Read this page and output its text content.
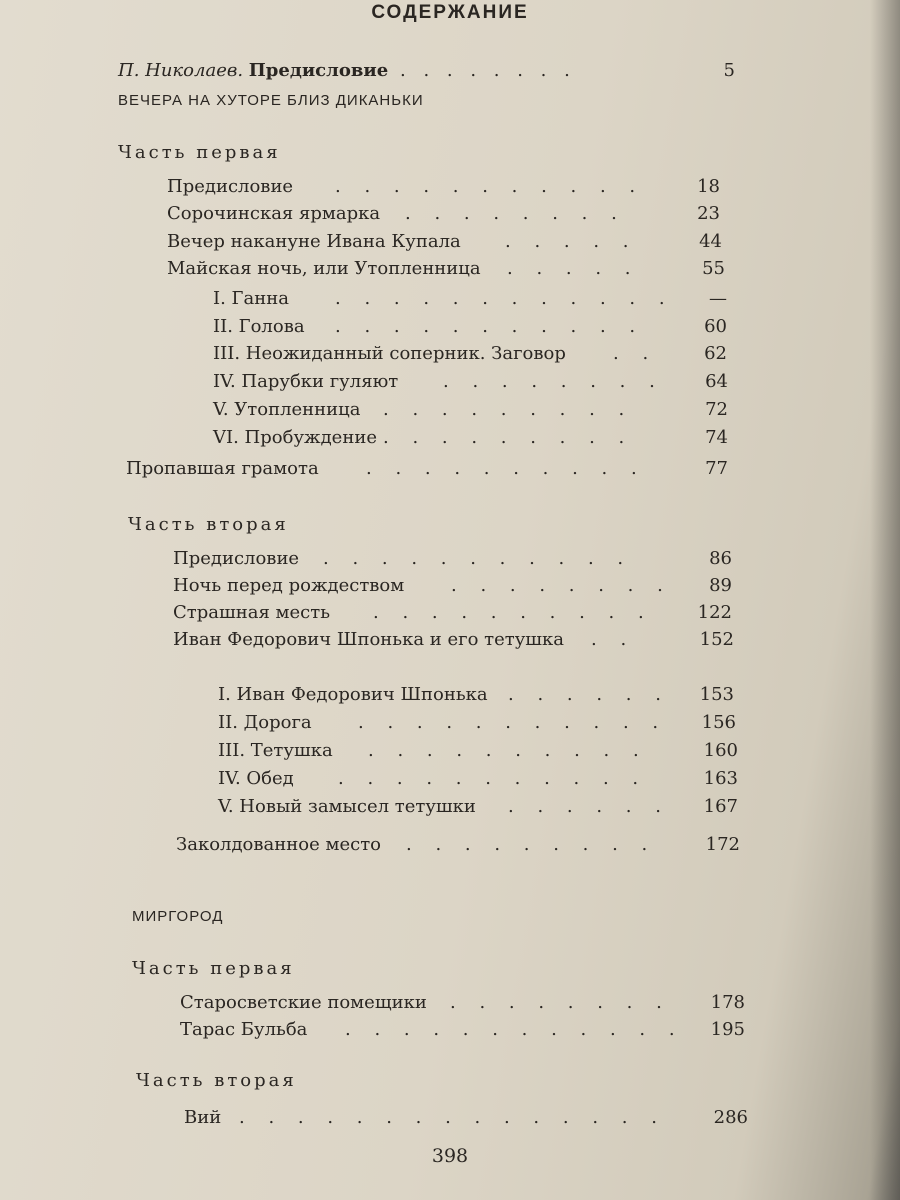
СОДЕРЖАНИЕ
П. Николаев. Предисловие . . . . . . . .	5
ВЕЧЕРА НА ХУТОРЕ БЛИЗ ДИКАНЬКИ
Часть первая
Предисловие . . . . . . . . . . .	18
Сорочинская ярмарка . . . . . . . .	23
Вечер накануне Ивана Купала . . . . .	44
Майская ночь, или Утопленница . . . . .	55
I. Ганна	. . . . . . . . . . . .	—
II. Голова . . . . . . . . . . .	60
III. Неожиданный соперник. Заговор	. .	62
IV. Парубки гуляют . . . . . . . .	64
V. Утопленница . . . . . . . . .	72
VI. Пробуждение . . . . . . . . .	74
Пропавшая грамота	. . . . . . . . . .	77
Часть вторая
Предисловие . . . . . . . . . . .	86
Ночь перед рождеством	. . . . . . . .	89
Страшная месть . . . . . . . . . .	122
Иван Федорович Шпонька и его тетушка . .	152
I. Иван Федорович Шпонька . . . . . .	153
II. Дорога	. . . . . . . . . . .	156
III. Тетушка . . . . . . . . . .	160
IV. Обед . . . . . . . . . . .	163
V. Новый замысел тетушки . . . . . .	167
Заколдованное место . . . . . . . . .	172
МИРГОРОД
Часть первая
Старосветские помещики . . . . . . . .	178
Тарас Бульба . . . . . . . . . . . .	195
Часть вторая
Вий . . . . . . . . . . . . . . .	286
398
